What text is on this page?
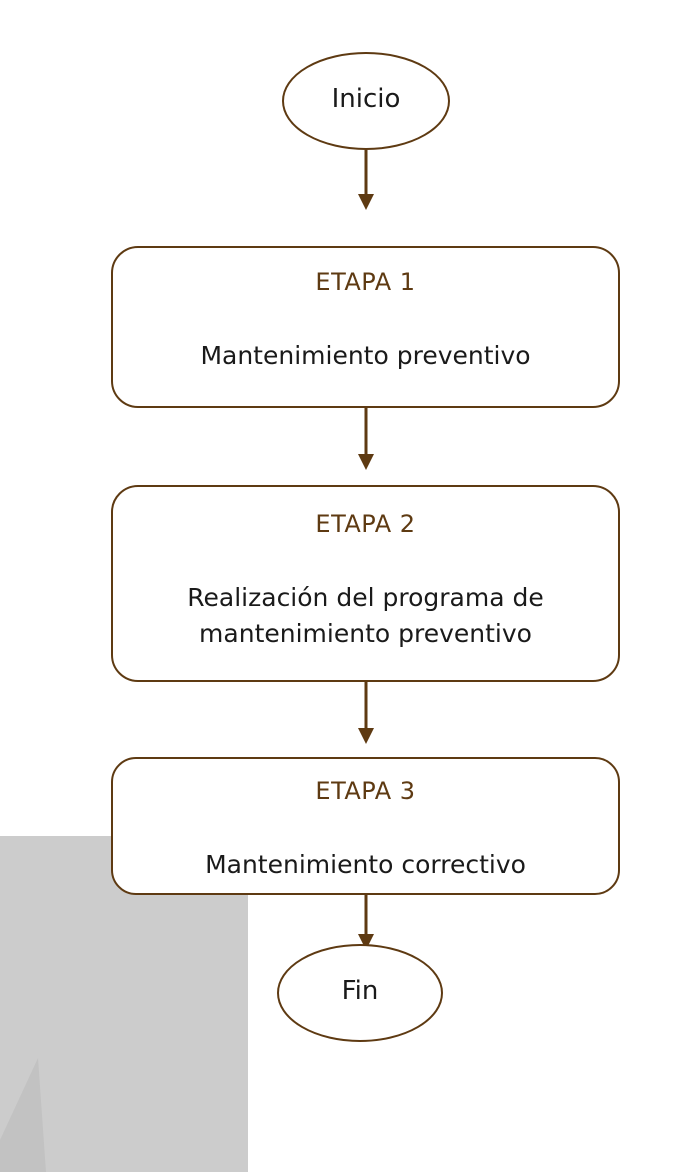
Inicio
ETAPA 1
Mantenimiento preventivo
ETAPA 2
Realización del programa de mantenimiento preventivo
ETAPA 3
Mantenimiento correctivo
Fin
